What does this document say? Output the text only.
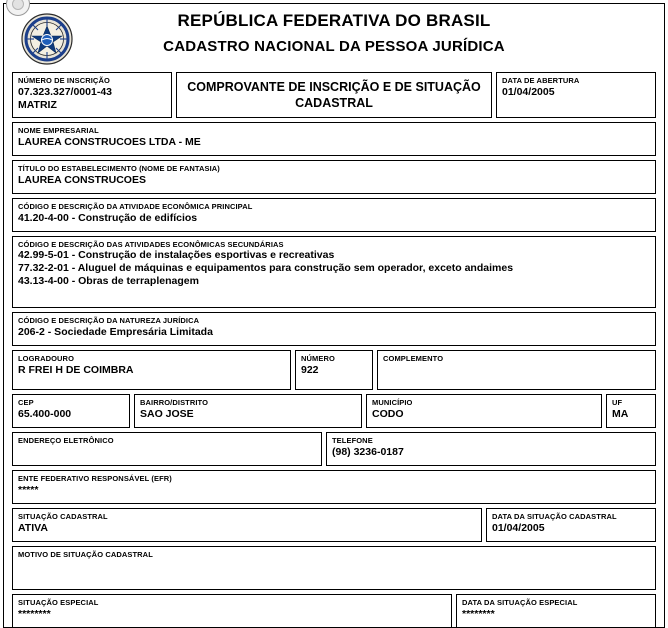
REPÚBLICA FEDERATIVA DO BRASIL
CADASTRO NACIONAL DA PESSOA JURÍDICA
NÚMERO DE INSCRIÇÃO
07.323.327/0001-43
MATRIZ
COMPROVANTE DE INSCRIÇÃO E DE SITUAÇÃO CADASTRAL
DATA DE ABERTURA
01/04/2005
NOME EMPRESARIAL
LAUREA CONSTRUCOES LTDA - ME
TÍTULO DO ESTABELECIMENTO (NOME DE FANTASIA)
LAUREA CONSTRUCOES
CÓDIGO E DESCRIÇÃO DA ATIVIDADE ECONÔMICA PRINCIPAL
41.20-4-00 - Construção de edifícios
CÓDIGO E DESCRIÇÃO DAS ATIVIDADES ECONÔMICAS SECUNDÁRIAS
42.99-5-01 - Construção de instalações esportivas e recreativas
77.32-2-01 - Aluguel de máquinas e equipamentos para construção sem operador, exceto andaimes
43.13-4-00 - Obras de terraplenagem
CÓDIGO E DESCRIÇÃO DA NATUREZA JURÍDICA
206-2 - Sociedade Empresária Limitada
LOGRADOURO
R FREI H DE COIMBRA
NÚMERO
922
COMPLEMENTO
CEP
65.400-000
BAIRRO/DISTRITO
SAO JOSE
MUNICÍPIO
CODO
UF
MA
ENDEREÇO ELETRÔNICO	TELEFONE
(98) 3236-0187
ENTE FEDERATIVO RESPONSÁVEL (EFR)
*****
SITUAÇÃO CADASTRAL
ATIVA
DATA DA SITUAÇÃO CADASTRAL
01/04/2005
MOTIVO DE SITUAÇÃO CADASTRAL
SITUAÇÃO ESPECIAL
********
DATA DA SITUAÇÃO ESPECIAL
********
